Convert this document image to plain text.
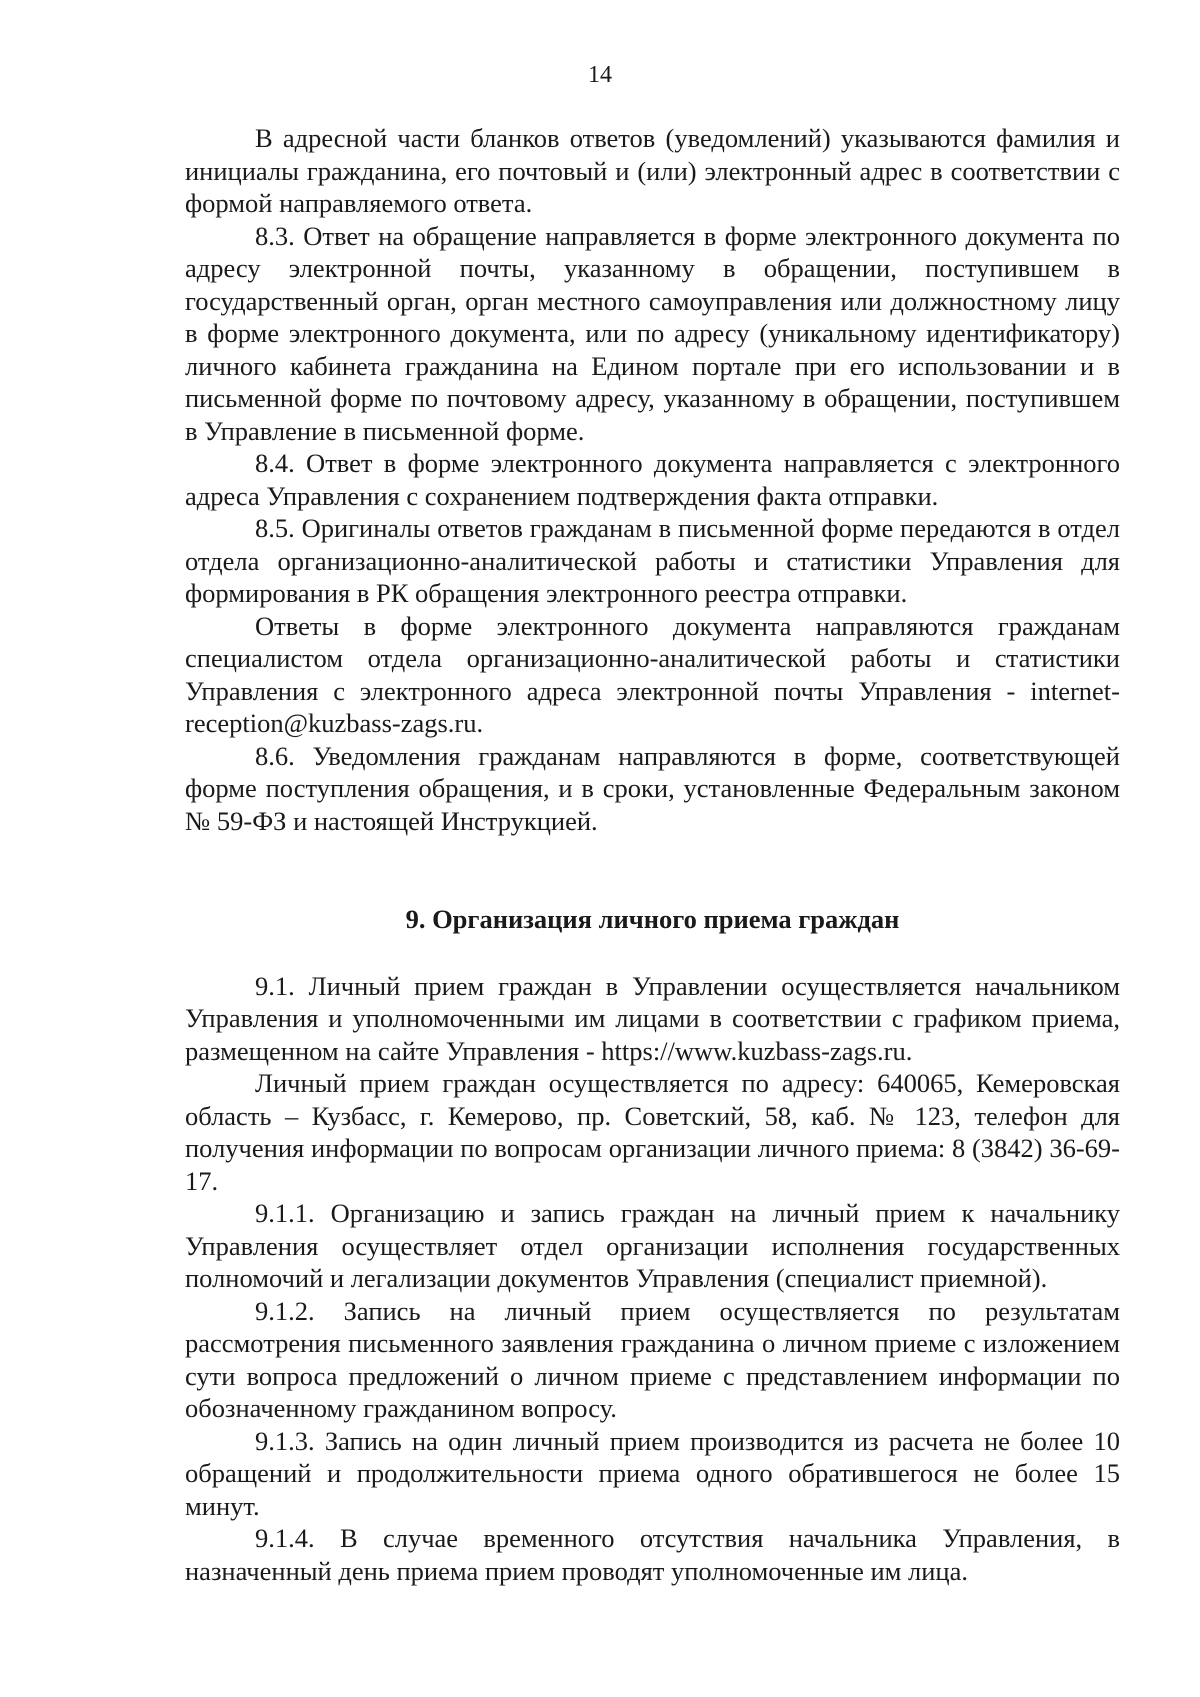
14

В адресной части бланков ответов (уведомлений) указываются фамилия и инициалы гражданина, его почтовый и (или) электронный адрес в соответствии с формой направляемого ответа.

8.3. Ответ на обращение направляется в форме электронного документа по адресу электронной почты, указанному в обращении, поступившем в государственный орган, орган местного самоуправления или должностному лицу в форме электронного документа, или по адресу (уникальному идентификатору) личного кабинета гражданина на Едином портале при его использовании и в письменной форме по почтовому адресу, указанному в обращении, поступившем в Управление в письменной форме.

8.4. Ответ в форме электронного документа направляется с электронного адреса Управления с сохранением подтверждения факта отправки.

8.5. Оригиналы ответов гражданам в письменной форме передаются в отдел отдела организационно-аналитической работы и статистики Управления для формирования в РК обращения электронного реестра отправки.

Ответы в форме электронного документа направляются гражданам специалистом отдела организационно-аналитической работы и статистики Управления с электронного адреса электронной почты Управления - internet-reception@kuzbass-zags.ru.

8.6. Уведомления гражданам направляются в форме, соответствующей форме поступления обращения, и в сроки, установленные Федеральным законом № 59-ФЗ и настоящей Инструкцией.

9. Организация личного приема граждан

9.1. Личный прием граждан в Управлении осуществляется начальником Управления и уполномоченными им лицами в соответствии с графиком приема, размещенном на сайте Управления - https://www.kuzbass-zags.ru.

Личный прием граждан осуществляется по адресу: 640065, Кемеровская область – Кузбасс, г. Кемерово, пр. Советский, 58, каб. № 123, телефон для получения информации по вопросам организации личного приема: 8 (3842) 36-69-17.

9.1.1. Организацию и запись граждан на личный прием к начальнику Управления осуществляет отдел организации исполнения государственных полномочий и легализации документов Управления (специалист приемной).

9.1.2. Запись на личный прием осуществляется по результатам рассмотрения письменного заявления гражданина о личном приеме с изложением сути вопроса предложений о личном приеме с представлением информации по обозначенному гражданином вопросу.

9.1.3. Запись на один личный прием производится из расчета не более 10 обращений и продолжительности приема одного обратившегося не более 15 минут.

9.1.4. В случае временного отсутствия начальника Управления, в назначенный день приема прием проводят уполномоченные им лица.
